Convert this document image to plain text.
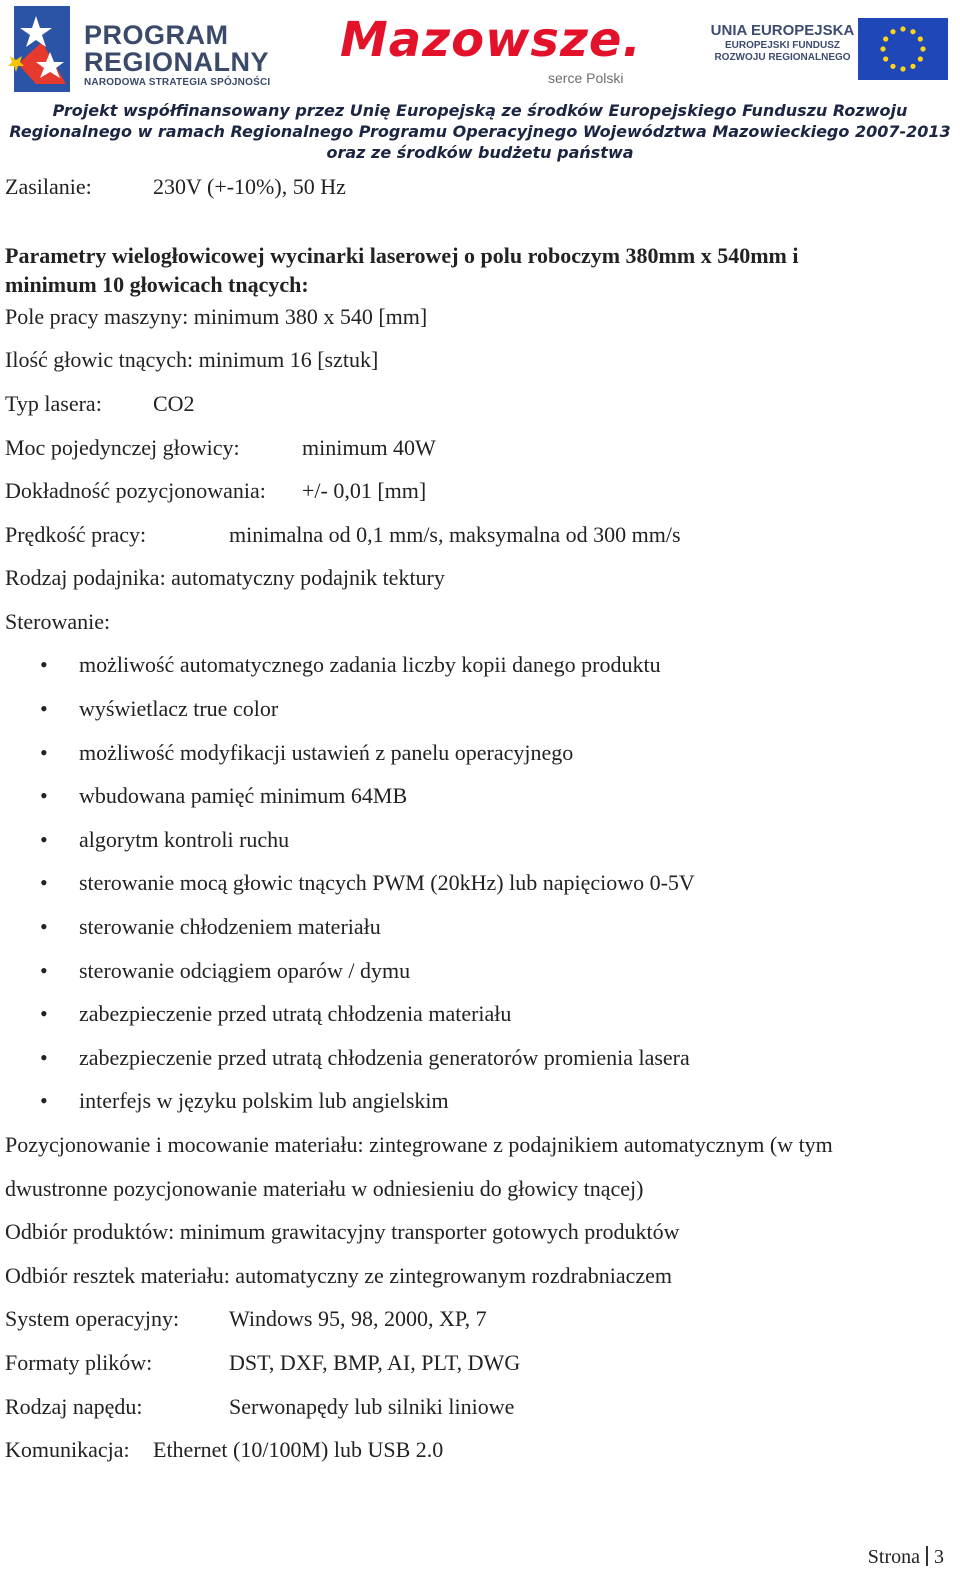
PROGRAM
REGIONALNY
NARODOWA STRATEGIA SPÓJNOŚCI
Mazowsze.
serce Polski
UNIA EUROPEJSKA
EUROPEJSKI FUNDUSZ
ROZWOJU REGIONALNEGO
Projekt współfinansowany przez Unię Europejską ze środków Europejskiego Funduszu Rozwoju
Regionalnego w ramach Regionalnego Programu Operacyjnego Województwa Mazowieckiego 2007-2013
oraz ze środków budżetu państwa
Zasilanie:	230V (+-10%), 50 Hz
Parametry wielogłowicowej wycinarki laserowej o polu roboczym 380mm x 540mm i
minimum 10 głowicach tnących:
Pole pracy maszyny: minimum 380 x 540 [mm]
Ilość głowic tnących: minimum 16 [sztuk]
Typ lasera: CO2
Moc pojedynczej głowicy:	minimum 40W
Dokładność pozycjonowania: +/- 0,01 [mm]
Prędkość pracy:	minimalna od 0,1 mm/s, maksymalna od 300 mm/s
Rodzaj podajnika: automatyczny podajnik tektury
Sterowanie:
• możliwość automatycznego zadania liczby kopii danego produktu
• wyświetlacz true color
• możliwość modyfikacji ustawień z panelu operacyjnego
• wbudowana pamięć minimum 64MB
• algorytm kontroli ruchu
• sterowanie mocą głowic tnących PWM (20kHz) lub napięciowo 0-5V
• sterowanie chłodzeniem materiału
• sterowanie odciągiem oparów / dymu
• zabezpieczenie przed utratą chłodzenia materiału
• zabezpieczenie przed utratą chłodzenia generatorów promienia lasera
• interfejs w języku polskim lub angielskim
Pozycjonowanie i mocowanie materiału: zintegrowane z podajnikiem automatycznym (w tym
dwustronne pozycjonowanie materiału w odniesieniu do głowicy tnącej)
Odbiór produktów: minimum grawitacyjny transporter gotowych produktów
Odbiór resztek materiału: automatyczny ze zintegrowanym rozdrabniaczem
System operacyjny: Windows 95, 98, 2000, XP, 7
Formaty plików:	DST, DXF, BMP, AI, PLT, DWG
Rodzaj napędu:	Serwonapędy lub silniki liniowe
Komunikacja: Ethernet (10/100M) lub USB 2.0
Strona 3
